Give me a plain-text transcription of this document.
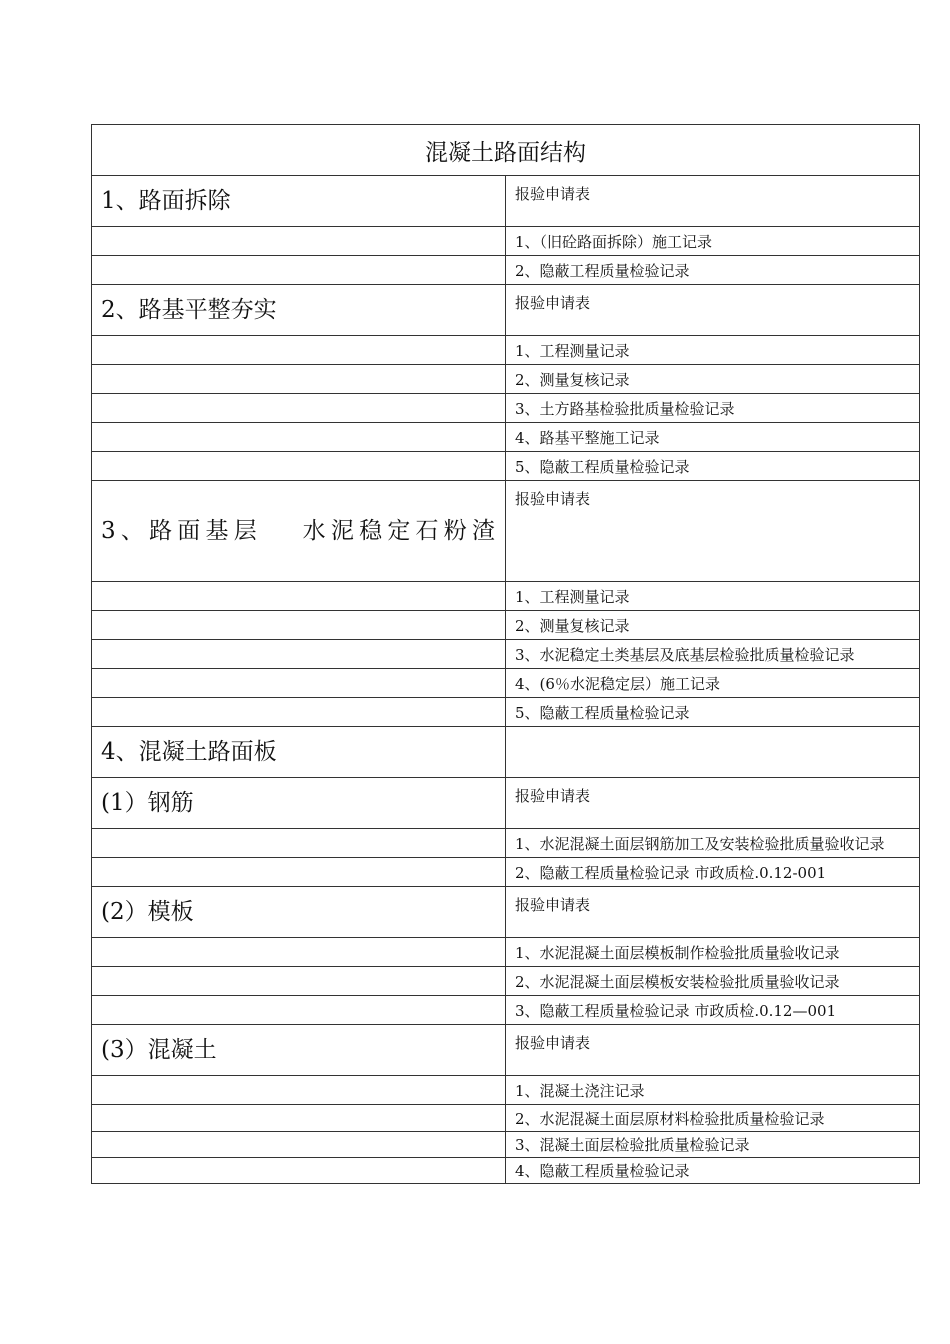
混凝土路面结构	

1、路面拆除	报验申请表
	1、（旧砼路面拆除）施工记录
	2、隐蔽工程质量检验记录

2、路基平整夯实	报验申请表
	1、工程测量记录
	2、测量复核记录
	3、土方路基检验批质量检验记录
	4、路基平整施工记录
	5、隐蔽工程质量检验记录

3、路面基层　 水泥稳定石粉渣	报验申请表
	1、工程测量记录
	2、测量复核记录
	3、水泥稳定土类基层及底基层检验批质量检验记录
	4、(6％水泥稳定层）施工记录
	5、隐蔽工程质量检验记录

4、混凝土路面板	

(1）钢筋	报验申请表
	1、水泥混凝土面层钢筋加工及安装检验批质量验收记录
	2、隐蔽工程质量检验记录 市政质检.0.12-001

(2）模板	报验申请表
	1、水泥混凝土面层模板制作检验批质量验收记录
	2、水泥混凝土面层模板安装检验批质量验收记录
	3、隐蔽工程质量检验记录 市政质检.0.12—001

(3）混凝土	报验申请表
	1、混凝土浇注记录
	2、水泥混凝土面层原材料检验批质量检验记录
	3、混凝土面层检验批质量检验记录
	4、隐蔽工程质量检验记录
